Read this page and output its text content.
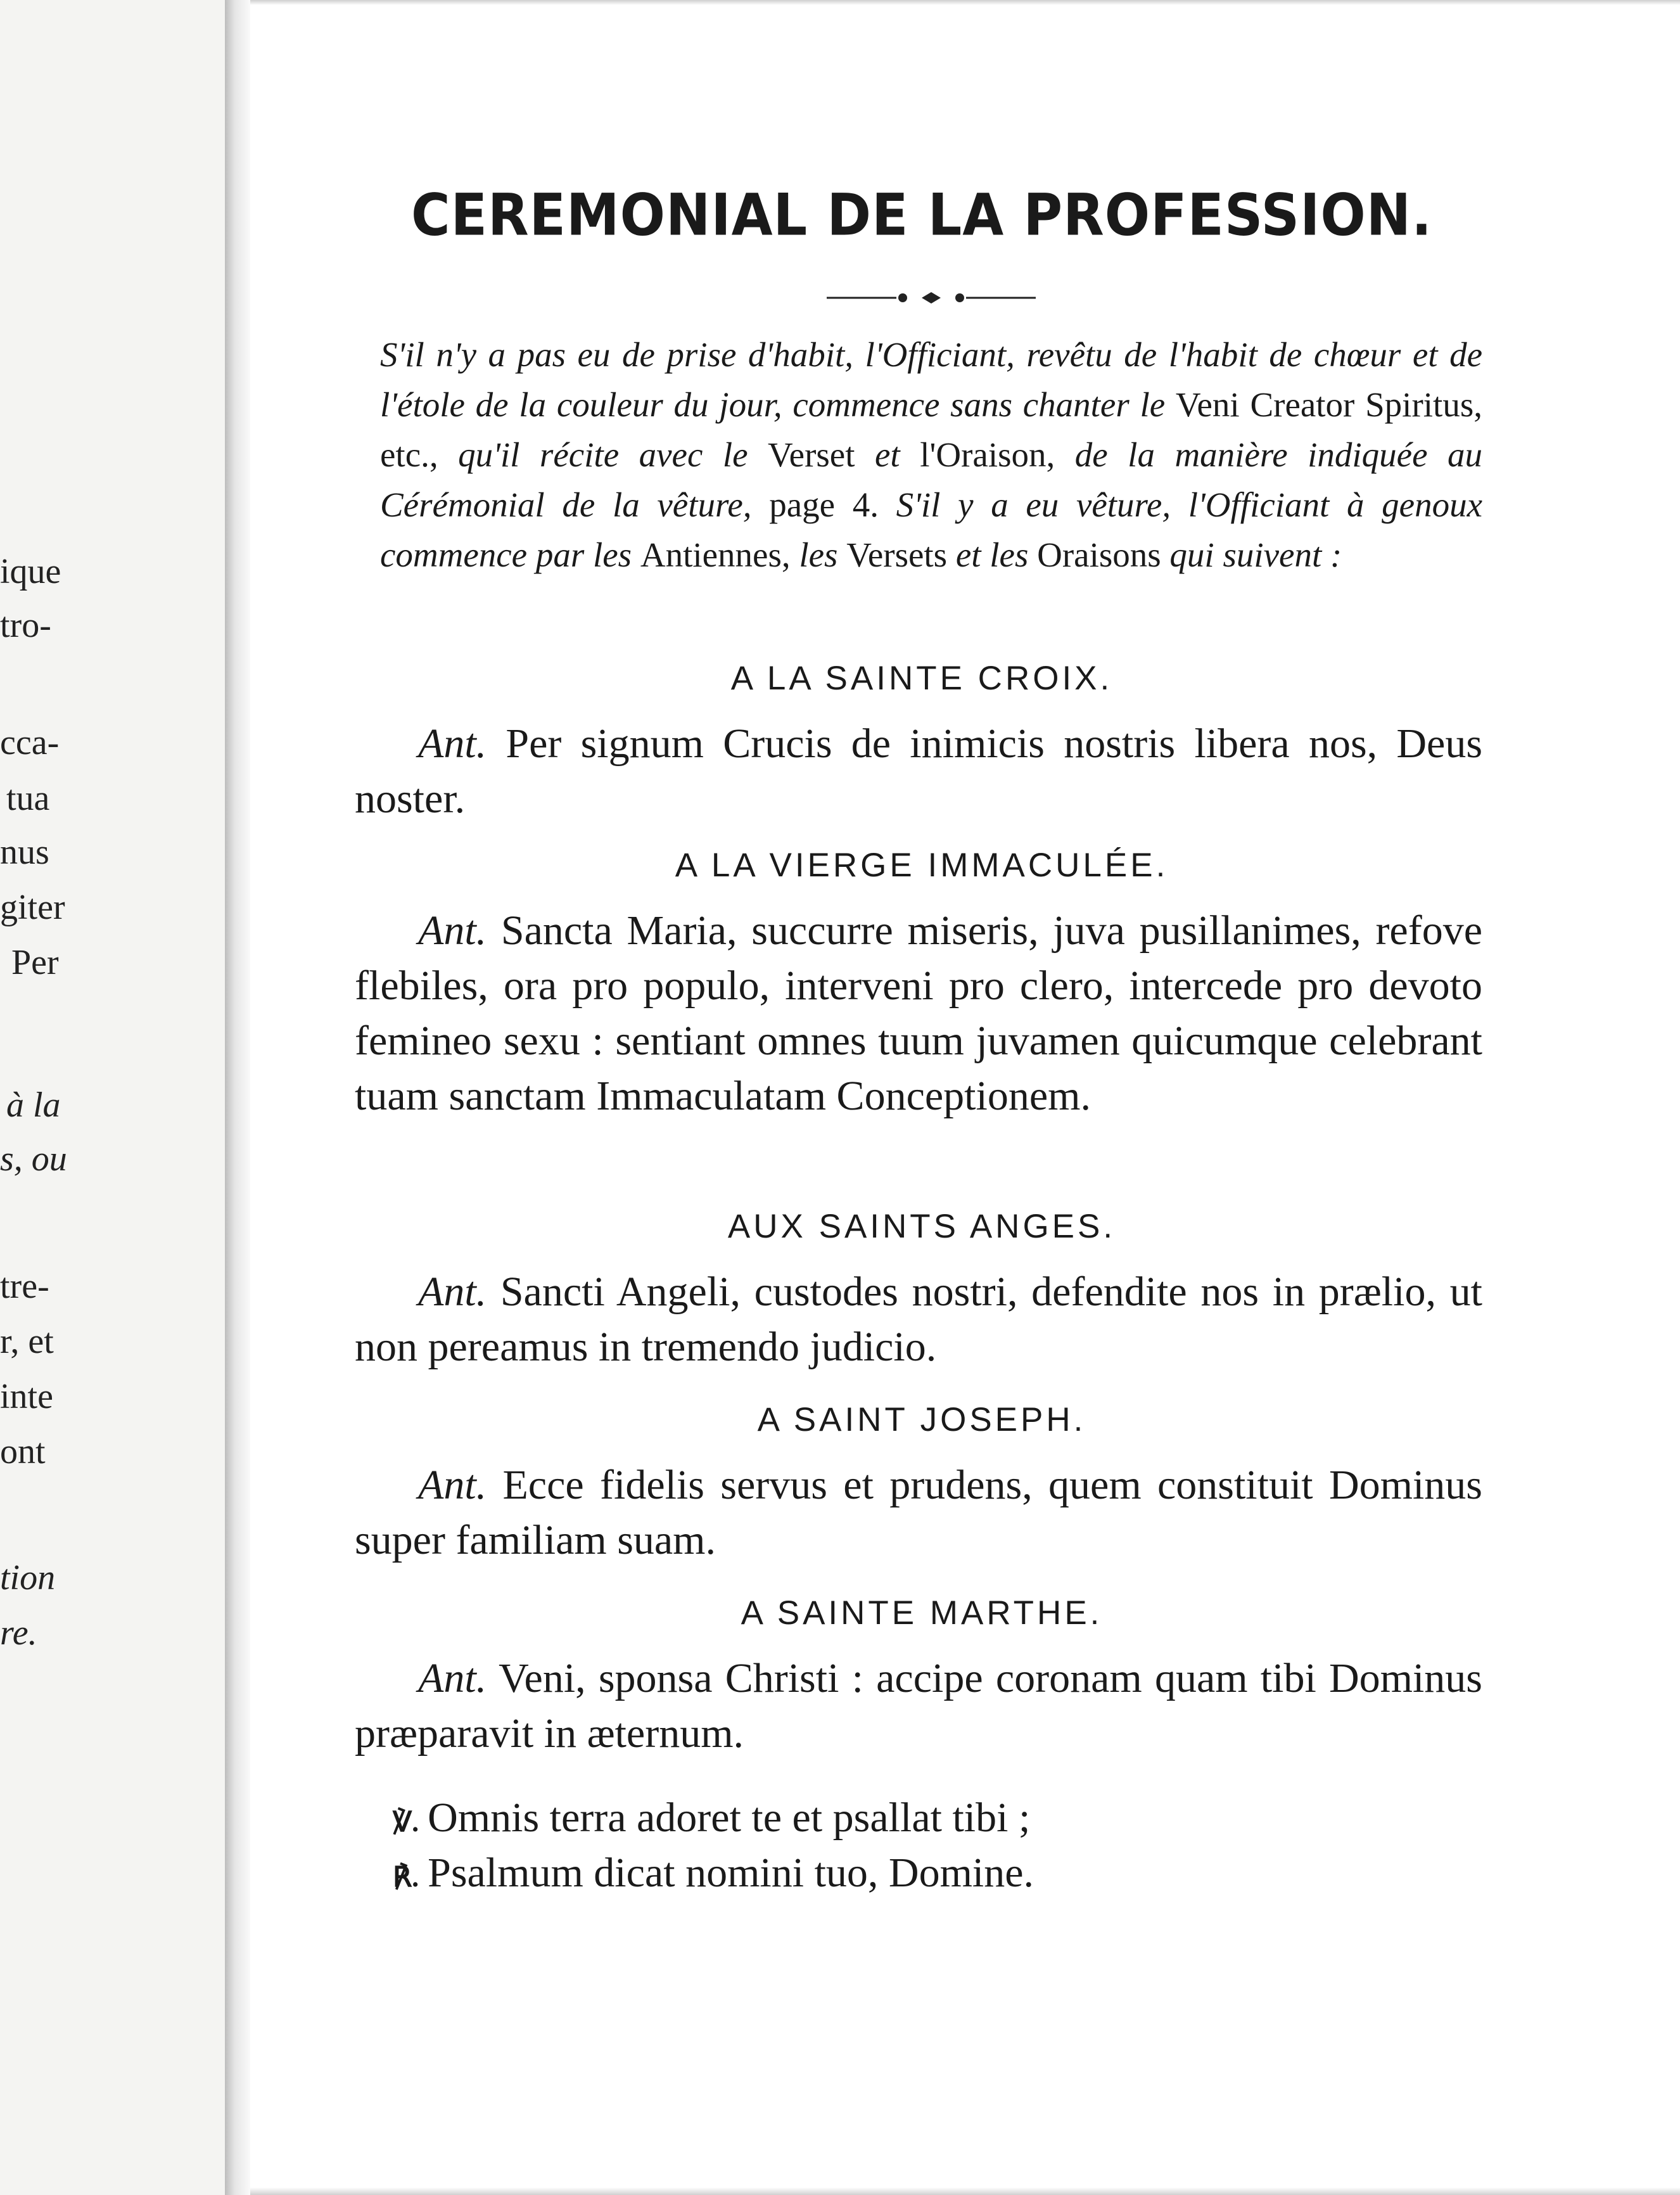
ique
tro-
cca-
tua
nus
giter
Per
à la
s, ou
tre-
r, et
inte
ont
tion
re.
CEREMONIAL DE LA PROFESSION.
S'il n'y a pas eu de prise d'habit, l'Officiant, revêtu de l'habit de chœur et de l'étole de la couleur du jour, commence sans chanter le Veni Creator Spiritus, etc., qu'il récite avec le Verset et l'Oraison, de la manière indiquée au Cérémonial de la vêture, page 4. S'il y a eu vêture, l'Officiant à genoux commence par les Antiennes, les Versets et les Oraisons qui suivent :
A LA SAINTE CROIX.
Ant. Per signum Crucis de inimicis nostris libera nos, Deus noster.
A LA VIERGE IMMACULÉE.
Ant. Sancta Maria, succurre miseris, juva pusillanimes, refove flebiles, ora pro populo, interveni pro clero, intercede pro devoto femineo sexu : sentiant omnes tuum juvamen quicumque celebrant tuam sanctam Immaculatam Conceptionem.
AUX SAINTS ANGES.
Ant. Sancti Angeli, custodes nostri, defendite nos in prælio, ut non pereamus in tremendo judicio.
A SAINT JOSEPH.
Ant. Ecce fidelis servus et prudens, quem constituit Dominus super familiam suam.
A SAINTE MARTHE.
Ant. Veni, sponsa Christi : accipe coronam quam tibi Dominus præparavit in æternum.
℣. Omnis terra adoret te et psallat tibi ;
℟. Psalmum dicat nomini tuo, Domine.
